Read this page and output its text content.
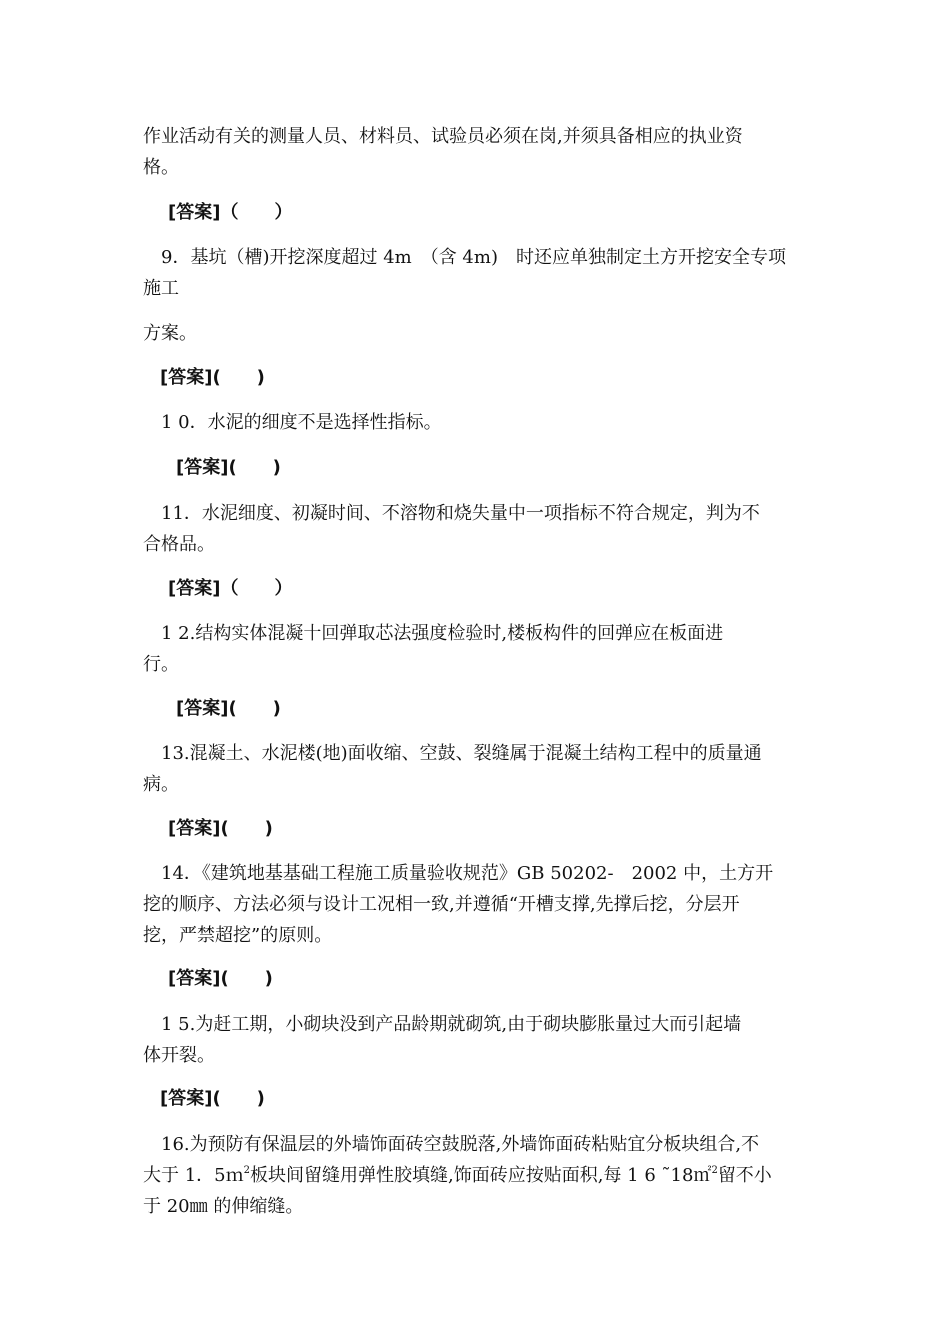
作业活动有关的测量人员、材料员、试验员必须在岗,并须具备相应的执业资
格。
[答案]（　　）
　9．基坑（槽)开挖深度超过 4m　（含 4m)　时还应单独制定土方开挖安全专项
施工
方案。
[答案](　　)
　1 0．水泥的细度不是选择性指标。
[答案](　　)
　11．水泥细度、初凝时间、不溶物和烧失量中一项指标不符合规定，判为不
合格品。
[答案]（　　）
　1 2.结构实体混凝十回弹取芯法强度检验时,楼板构件的回弹应在板面进
行。
[答案](　　)
　13.混凝土、水泥楼(地)面收缩、空鼓、裂缝属于混凝土结构工程中的质量通
病。
[答案](　　)
　14．《建筑地基基础工程施工质量验收规范》GB 50202-　2002 中，土方开
挖的顺序、方法必须与设计工况相一致,并遵循“开槽支撑,先撑后挖，分层开
挖，严禁超挖”的原则。
[答案](　　)
　1 5.为赶工期，小砌块没到产品龄期就砌筑,由于砌块膨胀量过大而引起墙
体开裂。
[答案](　　)
　16.为预防有保温层的外墙饰面砖空鼓脱落,外墙饰面砖粘贴宜分板块组合,不
大于 1．5ｍ$^2$板块间留缝用弹性胶填缝,饰面砖应按贴面积,每 1 6 ˜18㎡$^2$留不小
于 20㎜ 的伸缩缝。
